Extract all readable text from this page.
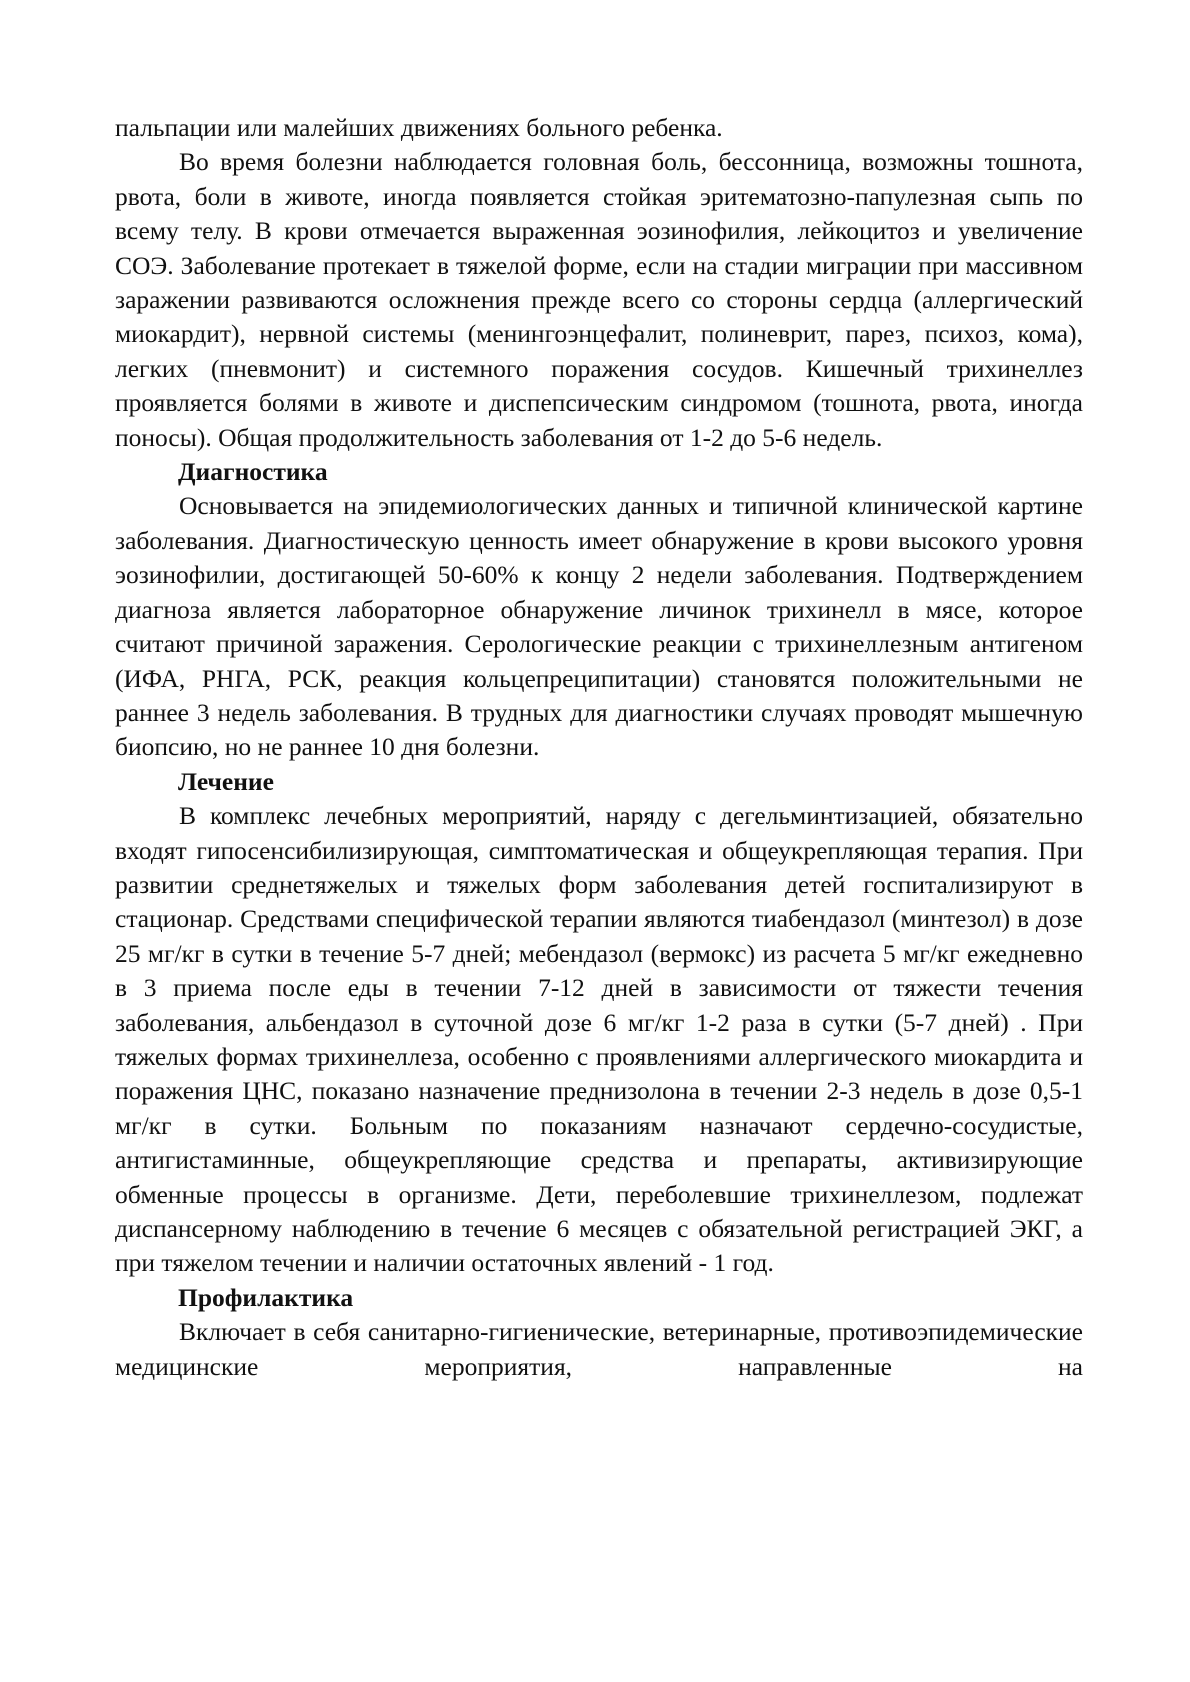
пальпации или малейших движениях больного ребенка.

Во время болезни наблюдается головная боль, бессонница, возможны тошнота, рвота, боли в животе, иногда появляется стойкая эритематозно-папулезная сыпь по всему телу. В крови отмечается выраженная эозинофилия, лейкоцитоз и увеличение СОЭ. Заболевание протекает в тяжелой форме, если на стадии миграции при массивном заражении развиваются осложнения прежде всего со стороны сердца (аллергический миокардит), нервной системы (менингоэнцефалит, полиневрит, парез, психоз, кома), легких (пневмонит) и системного поражения сосудов. Кишечный трихинеллез проявляется болями в животе и диспепсическим синдромом (тошнота, рвота, иногда поносы). Общая продолжительность заболевания от 1-2 до 5-6 недель.

Диагностика

Основывается на эпидемиологических данных и типичной клинической картине заболевания. Диагностическую ценность имеет обнаружение в крови высокого уровня эозинофилии, достигающей 50-60% к концу 2 недели заболевания. Подтверждением диагноза является лабораторное обнаружение личинок трихинелл в мясе, которое считают причиной заражения. Серологические реакции с трихинеллезным антигеном (ИФА, РНГА, РСК, реакция кольцепреципитации) становятся положительными не раннее 3 недель заболевания. В трудных для диагностики случаях проводят мышечную биопсию, но не раннее 10 дня болезни.

Лечение

В комплекс лечебных мероприятий, наряду с дегельминтизацией, обязательно входят гипосенсибилизирующая, симптоматическая и общеукрепляющая терапия. При развитии среднетяжелых и тяжелых форм заболевания детей госпитализируют в стационар. Средствами специфической терапии являются тиабендазол (минтезол) в дозе 25 мг/кг в сутки в течение 5-7 дней; мебендазол (вермокс) из расчета 5 мг/кг ежедневно в 3 приема после еды в течении 7-12 дней в зависимости от тяжести течения заболевания, альбендазол в суточной дозе 6 мг/кг 1-2 раза в сутки (5-7 дней) . При тяжелых формах трихинеллеза, особенно с проявлениями аллергического миокардита и поражения ЦНС, показано назначение преднизолона в течении 2-3 недель в дозе 0,5-1 мг/кг в сутки. Больным по показаниям назначают сердечно-сосудистые, антигистаминные, общеукрепляющие средства и препараты, активизирующие обменные процессы в организме. Дети, переболевшие трихинеллезом, подлежат диспансерному наблюдению в течение 6 месяцев с обязательной регистрацией ЭКГ, а при тяжелом течении и наличии остаточных явлений - 1 год.

Профилактика

Включает в себя санитарно-гигиенические, ветеринарные, противоэпидемические медицинские мероприятия, направленные на
